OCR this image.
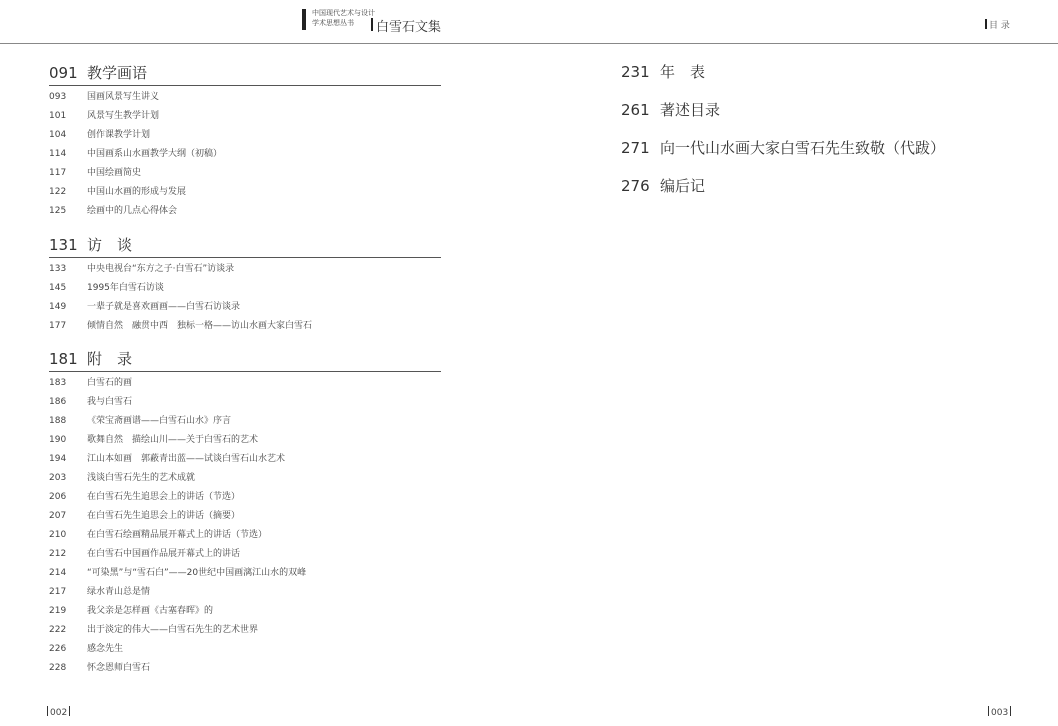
中国现代艺术与设计
学术思想丛书	白雪石文集	目 录
091 教学画语
093	国画风景写生讲义
101	风景写生教学计划
104	创作课教学计划
114	中国画系山水画教学大纲（初稿）
117	中国绘画简史
122	中国山水画的形成与发展
125	绘画中的几点心得体会
131 访　谈
133	中央电视台“东方之子·白雪石”访谈录
145	1995年白雪石访谈
149	一辈子就是喜欢画画——白雪石访谈录
177	倾情自然　融贯中西　独标一格——访山水画大家白雪石
181 附　录
183	白雪石的画
186	我与白雪石
188	《荣宝斋画谱——白雪石山水》序言
190	歌舞自然　描绘山川——关于白雪石的艺术
194	江山本如画　郭蔽青出蓝——试谈白雪石山水艺术
203	浅谈白雪石先生的艺术成就
206	在白雪石先生追思会上的讲话（节选）
207	在白雪石先生追思会上的讲话（摘要）
210	在白雪石绘画精品展开幕式上的讲话（节选）
212	在白雪石中国画作品展开幕式上的讲话
214	“可染黑”与“雪石白”——20世纪中国画漓江山水的双峰
217	绿水青山总是情
219	我父亲是怎样画《古塞春晖》的
222	出于淡定的伟大——白雪石先生的艺术世界
226	感念先生
228	怀念恩师白雪石
231 年　表
261 著述目录
271 向一代山水画大家白雪石先生致敬（代跋）
276 编后记
002	003
